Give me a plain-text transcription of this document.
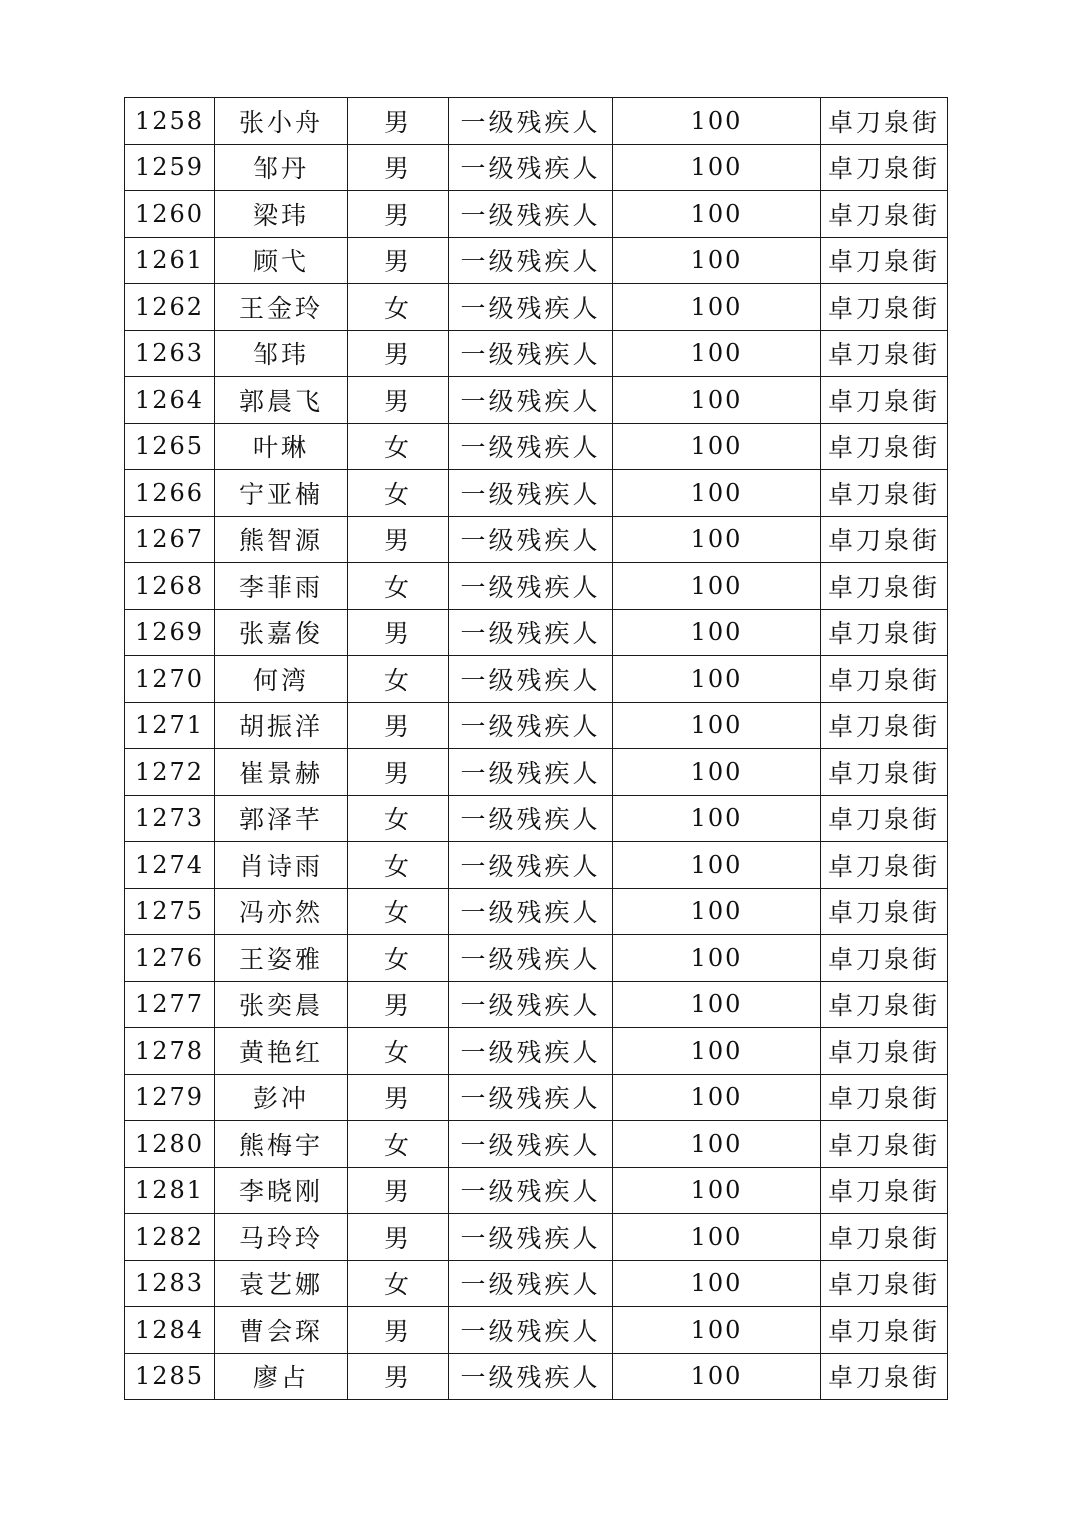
1258	张小舟	男	一级残疾人	100	卓刀泉街
1259	邹丹	男	一级残疾人	100	卓刀泉街
1260	梁玮	男	一级残疾人	100	卓刀泉街
1261	顾弋	男	一级残疾人	100	卓刀泉街
1262	王金玲	女	一级残疾人	100	卓刀泉街
1263	邹玮	男	一级残疾人	100	卓刀泉街
1264	郭晨飞	男	一级残疾人	100	卓刀泉街
1265	叶琳	女	一级残疾人	100	卓刀泉街
1266	宁亚楠	女	一级残疾人	100	卓刀泉街
1267	熊智源	男	一级残疾人	100	卓刀泉街
1268	李菲雨	女	一级残疾人	100	卓刀泉街
1269	张嘉俊	男	一级残疾人	100	卓刀泉街
1270	何湾	女	一级残疾人	100	卓刀泉街
1271	胡振洋	男	一级残疾人	100	卓刀泉街
1272	崔景赫	男	一级残疾人	100	卓刀泉街
1273	郭泽芊	女	一级残疾人	100	卓刀泉街
1274	肖诗雨	女	一级残疾人	100	卓刀泉街
1275	冯亦然	女	一级残疾人	100	卓刀泉街
1276	王姿雅	女	一级残疾人	100	卓刀泉街
1277	张奕晨	男	一级残疾人	100	卓刀泉街
1278	黄艳红	女	一级残疾人	100	卓刀泉街
1279	彭冲	男	一级残疾人	100	卓刀泉街
1280	熊梅宇	女	一级残疾人	100	卓刀泉街
1281	李晓刚	男	一级残疾人	100	卓刀泉街
1282	马玲玲	男	一级残疾人	100	卓刀泉街
1283	袁艺娜	女	一级残疾人	100	卓刀泉街
1284	曹会琛	男	一级残疾人	100	卓刀泉街
1285	廖占	男	一级残疾人	100	卓刀泉街
